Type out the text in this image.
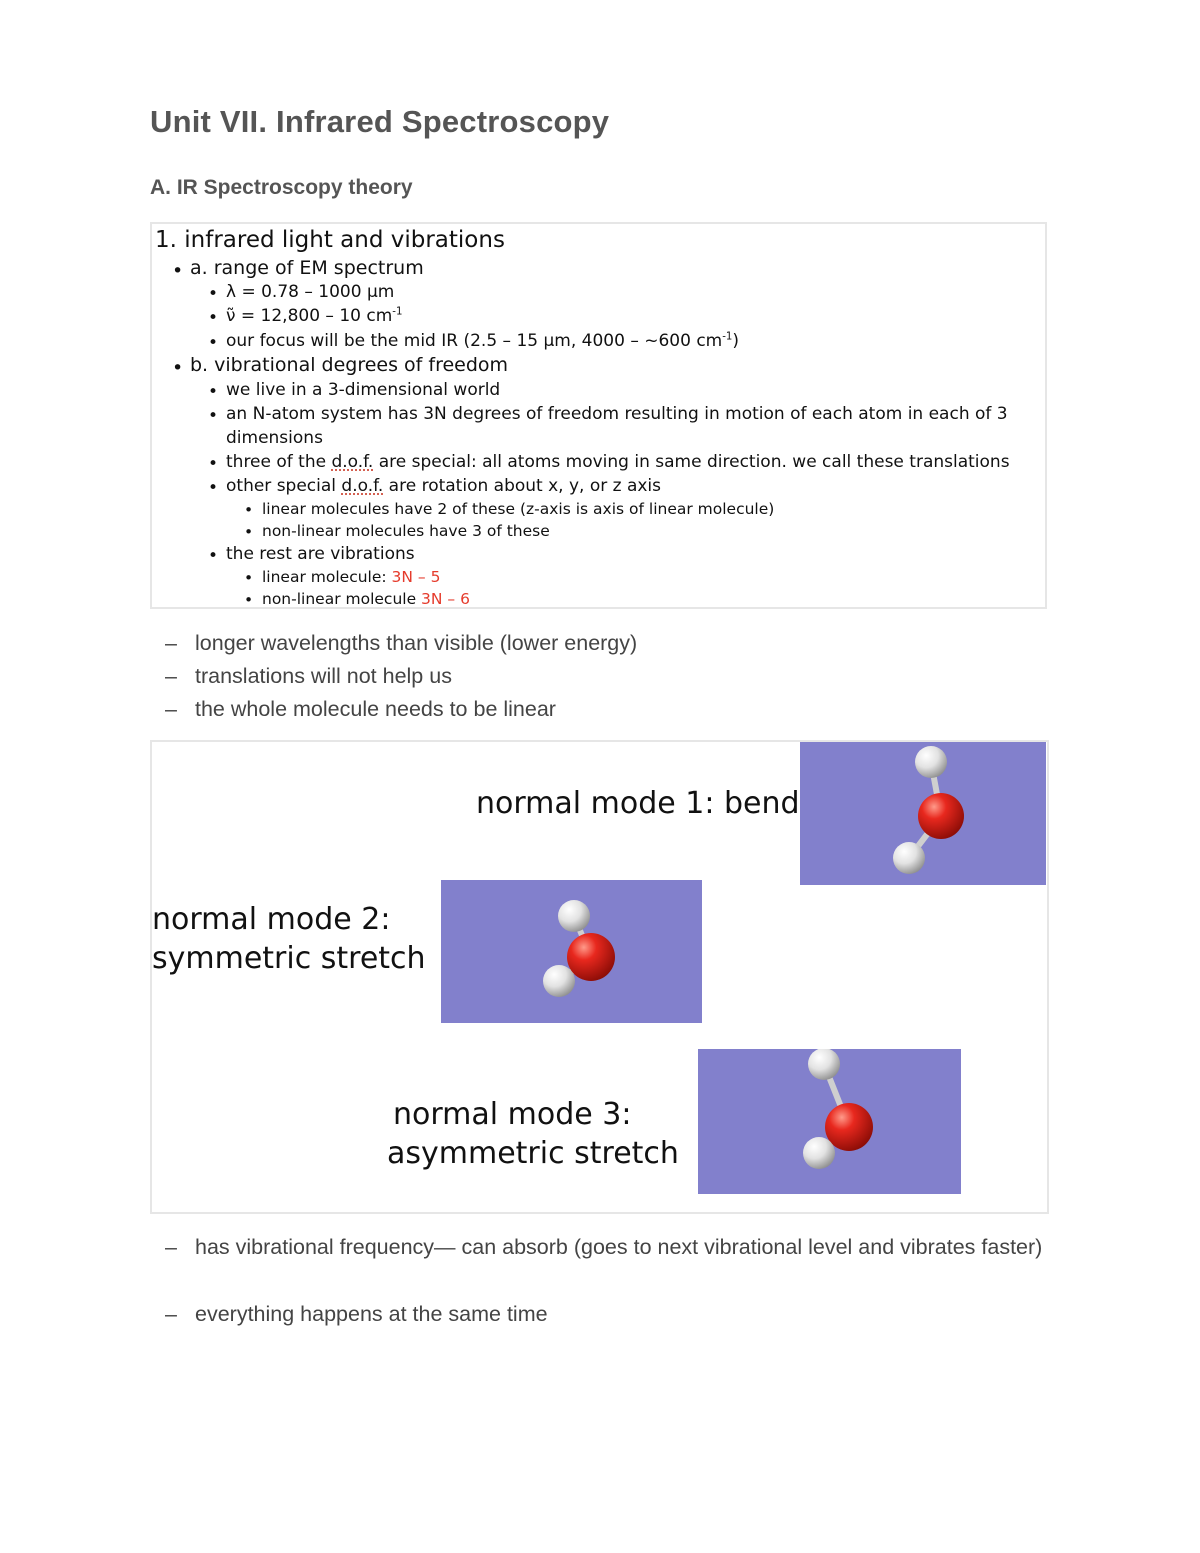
Unit VII. Infrared Spectroscopy
A. IR Spectroscopy theory
1. infrared light and vibrations
• a. range of EM spectrum
• λ = 0.78 – 1000 μm
• ν̃ = 12,800 – 10 $cm^{-1}$
• our focus will be the mid IR (2.5 – 15 μm, 4000 – ~600 $cm^{-1}$)
• b. vibrational degrees of freedom
• we live in a 3-dimensional world
• an N-atom system has 3N degrees of freedom resulting in motion of each atom in each of 3
dimensions
• three of the d.o.f. are special: all atoms moving in same direction. we call these translations
• other special d.o.f. are rotation about x, y, or z axis
• linear molecules have 2 of these (z-axis is axis of linear molecule)
• non-linear molecules have 3 of these
• the rest are vibrations
• linear molecule: 3N – 5
• non-linear molecule 3N – 6
– longer wavelengths than visible (lower energy)
– translations will not help us
– the whole molecule needs to be linear
normal mode 1: bend
normal mode 2:
symmetric stretch
normal mode 3:
asymmetric stretch
– has vibrational frequency— can absorb (goes to next vibrational level and vibrates faster)
– everything happens at the same time
